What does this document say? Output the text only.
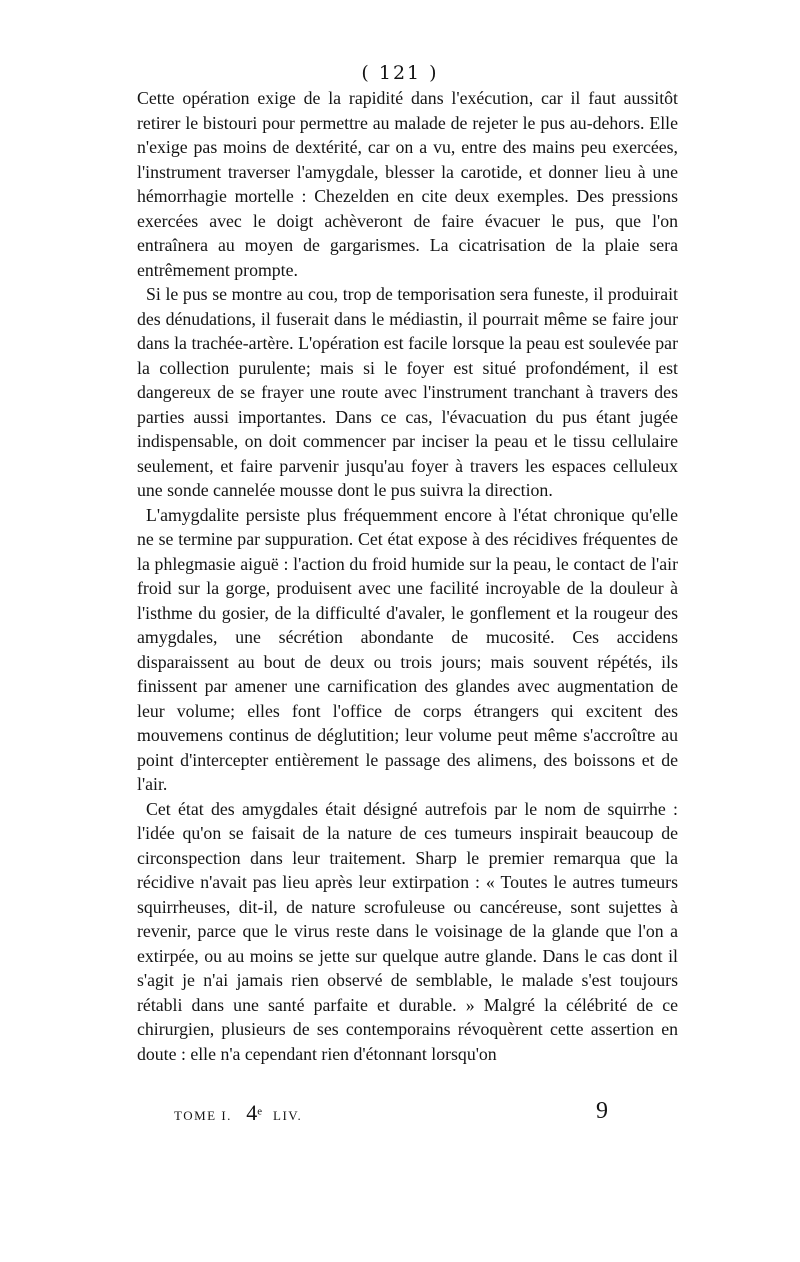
( 121 )

Cette opération exige de la rapidité dans l'exécution, car il faut aussitôt retirer le bistouri pour permettre au malade de rejeter le pus au-dehors. Elle n'exige pas moins de dextérité, car on a vu, entre des mains peu exercées, l'instrument traverser l'amygdale, blesser la carotide, et donner lieu à une hémorrhagie mortelle : Chezelden en cite deux exemples. Des pressions exercées avec le doigt achèveront de faire évacuer le pus, que l'on entraînera au moyen de gargarismes. La cicatrisation de la plaie sera entrêmement prompte.

Si le pus se montre au cou, trop de temporisation sera funeste, il produirait des dénudations, il fuserait dans le médiastin, il pourrait même se faire jour dans la trachée-artère. L'opération est facile lorsque la peau est soulevée par la collection purulente; mais si le foyer est situé profondément, il est dangereux de se frayer une route avec l'instrument tranchant à travers des parties aussi importantes. Dans ce cas, l'évacuation du pus étant jugée indispensable, on doit commencer par inciser la peau et le tissu cellulaire seulement, et faire parvenir jusqu'au foyer à travers les espaces celluleux une sonde cannelée mousse dont le pus suivra la direction.

L'amygdalite persiste plus fréquemment encore à l'état chronique qu'elle ne se termine par suppuration. Cet état expose à des récidives fréquentes de la phlegmasie aiguë : l'action du froid humide sur la peau, le contact de l'air froid sur la gorge, produisent avec une facilité incroyable de la douleur à l'isthme du gosier, de la difficulté d'avaler, le gonflement et la rougeur des amygdales, une sécrétion abondante de mucosité. Ces accidens disparaissent au bout de deux ou trois jours; mais souvent répétés, ils finissent par amener une carnification des glandes avec augmentation de leur volume; elles font l'office de corps étrangers qui excitent des mouvemens continus de déglutition; leur volume peut même s'accroître au point d'intercepter entièrement le passage des alimens, des boissons et de l'air.

Cet état des amygdales était désigné autrefois par le nom de squirrhe : l'idée qu'on se faisait de la nature de ces tumeurs inspirait beaucoup de circonspection dans leur traitement. Sharp le premier remarqua que la récidive n'avait pas lieu après leur extirpation : « Toutes le autres tumeurs squirrheuses, dit-il, de nature scrofuleuse ou cancéreuse, sont sujettes à revenir, parce que le virus reste dans le voisinage de la glande que l'on a extirpée, ou au moins se jette sur quelque autre glande. Dans le cas dont il s'agit je n'ai jamais rien observé de semblable, le malade s'est toujours rétabli dans une santé parfaite et durable. » Malgré la célébrité de ce chirurgien, plusieurs de ses contemporains révoquèrent cette assertion en doute : elle n'a cependant rien d'étonnant lorsqu'on

TOME I. 4e LIV.	9
